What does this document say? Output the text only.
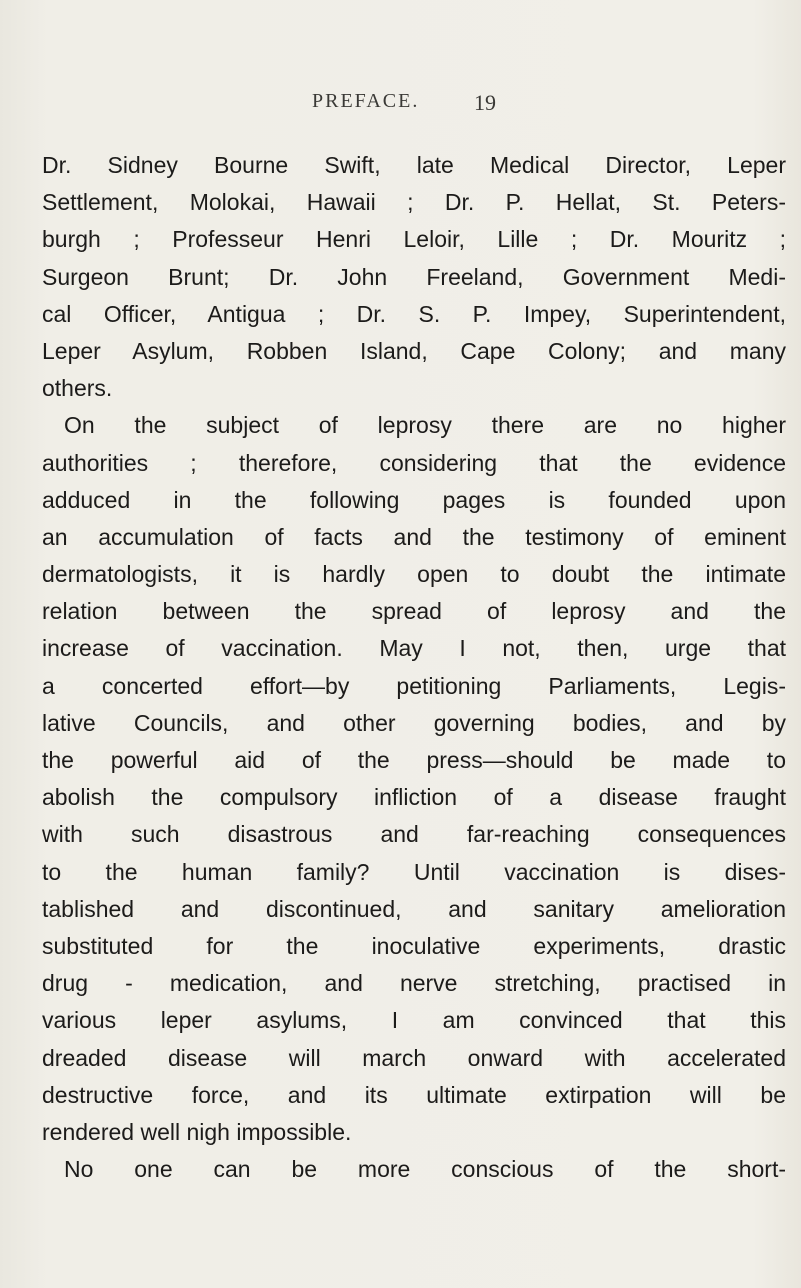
PREFACE. 19
Dr. Sidney Bourne Swift, late Medical Director, Leper
Settlement, Molokai, Hawaii ; Dr. P. Hellat, St. Peters-
burgh ; Professeur Henri Leloir, Lille ; Dr. Mouritz ;
Surgeon Brunt; Dr. John Freeland, Government Medi-
cal Officer, Antigua ; Dr. S. P. Impey, Superintendent,
Leper Asylum, Robben Island, Cape Colony; and many
others.
On the subject of leprosy there are no higher
authorities ; therefore, considering that the evidence
adduced in the following pages is founded upon
an accumulation of facts and the testimony of eminent
dermatologists, it is hardly open to doubt the intimate
relation between the spread of leprosy and the
increase of vaccination. May I not, then, urge that
a concerted effort—by petitioning Parliaments, Legis-
lative Councils, and other governing bodies, and by
the powerful aid of the press—should be made to
abolish the compulsory infliction of a disease fraught
with such disastrous and far-reaching consequences
to the human family? Until vaccination is dises-
tablished and discontinued, and sanitary amelioration
substituted for the inoculative experiments, drastic
drug - medication, and nerve stretching, practised in
various leper asylums, I am convinced that this
dreaded disease will march onward with accelerated
destructive force, and its ultimate extirpation will be
rendered well nigh impossible.
No one can be more conscious of the short-
